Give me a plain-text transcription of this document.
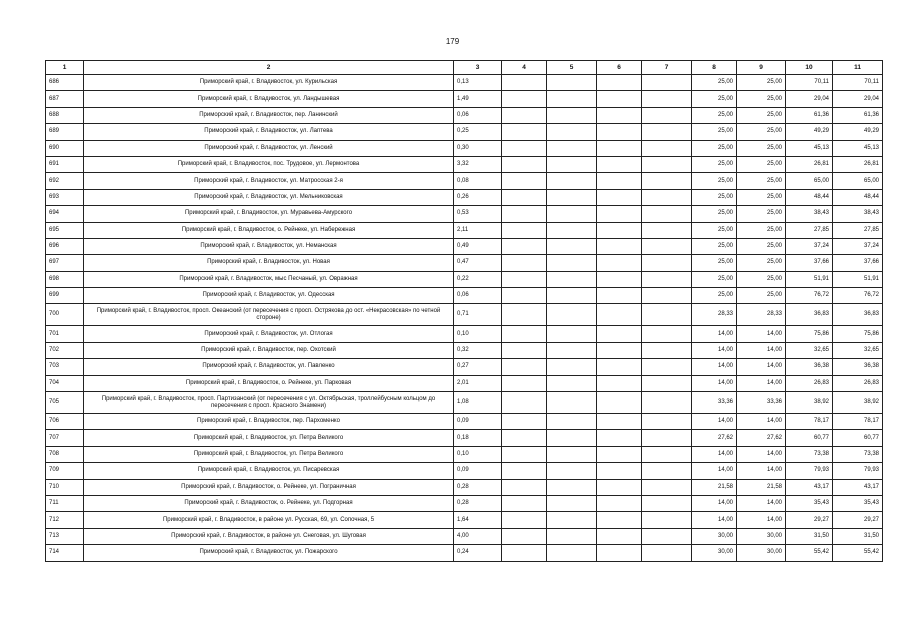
179
1	2	3	4	5	6	7	8	9	10	11
686	Приморский край, г. Владивосток, ул. Курильская	0,13					25,00	25,00	70,11	70,11
687	Приморский край, г. Владивосток, ул. Ландышевая	1,49					25,00	25,00	29,04	29,04
688	Приморский край, г. Владивосток, пер. Ланинский	0,06					25,00	25,00	61,36	61,36
689	Приморский край, г. Владивосток, ул. Лаптева	0,25					25,00	25,00	49,29	49,29
690	Приморский край, г. Владивосток, ул. Ленский	0,30					25,00	25,00	45,13	45,13
691	Приморский край, г. Владивосток, пос. Трудовое, ул. Лермонтова	3,32					25,00	25,00	26,81	26,81
692	Приморский край, г. Владивосток, ул. Матросская 2-я	0,08					25,00	25,00	65,00	65,00
693	Приморский край, г. Владивосток, ул. Мельниковская	0,26					25,00	25,00	48,44	48,44
694	Приморский край, г. Владивосток, ул. Муравьева-Амурского	0,53					25,00	25,00	38,43	38,43
695	Приморский край, г. Владивосток, о. Рейнеке, ул. Набережная	2,11					25,00	25,00	27,85	27,85
696	Приморский край, г. Владивосток, ул. Неманская	0,49					25,00	25,00	37,24	37,24
697	Приморский край, г. Владивосток, ул. Новая	0,47					25,00	25,00	37,66	37,66
698	Приморский край, г. Владивосток, мыс Песчаный, ул. Овражная	0,22					25,00	25,00	51,91	51,91
699	Приморский край, г. Владивосток, ул. Одесская	0,06					25,00	25,00	76,72	76,72
700	Приморский край, г. Владивосток, просп. Океанский (от пересечения с просп. Острякова до ост. «Некрасовская» по четной стороне)	0,71					28,33	28,33	36,83	36,83
701	Приморский край, г. Владивосток, ул. Отлогая	0,10					14,00	14,00	75,86	75,86
702	Приморский край, г. Владивосток, пер. Охотский	0,32					14,00	14,00	32,65	32,65
703	Приморский край, г. Владивосток, ул. Павленко	0,27					14,00	14,00	36,38	36,38
704	Приморский край, г. Владивосток, о. Рейнеке, ул. Парковая	2,01					14,00	14,00	26,83	26,83
705	Приморский край, г. Владивосток, просп. Партизанский (от пересечения с ул. Октябрьская, троллейбусным кольцом до пересечения с просп. Красного Знамени)	1,08					33,36	33,36	38,92	38,92
706	Приморский край, г. Владивосток, пер. Пархоменко	0,09					14,00	14,00	78,17	78,17
707	Приморский край, г. Владивосток, ул. Петра Великого	0,18					27,62	27,62	60,77	60,77
708	Приморский край, г. Владивосток, ул. Петра Великого	0,10					14,00	14,00	73,38	73,38
709	Приморский край, г. Владивосток, ул. Писаревская	0,09					14,00	14,00	79,93	79,93
710	Приморский край, г. Владивосток, о. Рейнеке, ул. Пограничная	0,28					21,58	21,58	43,17	43,17
711	Приморский край, г. Владивосток, о. Рейнеке, ул. Подгорная	0,28					14,00	14,00	35,43	35,43
712	Приморский край, г. Владивосток, в районе ул. Русская, 69, ул. Сопочная, 5	1,64					14,00	14,00	29,27	29,27
713	Приморский край, г. Владивосток, в районе ул. Снеговая, ул. Шуговая	4,00					30,00	30,00	31,50	31,50
714	Приморский край, г. Владивосток, ул. Пожарского	0,24					30,00	30,00	55,42	55,42
